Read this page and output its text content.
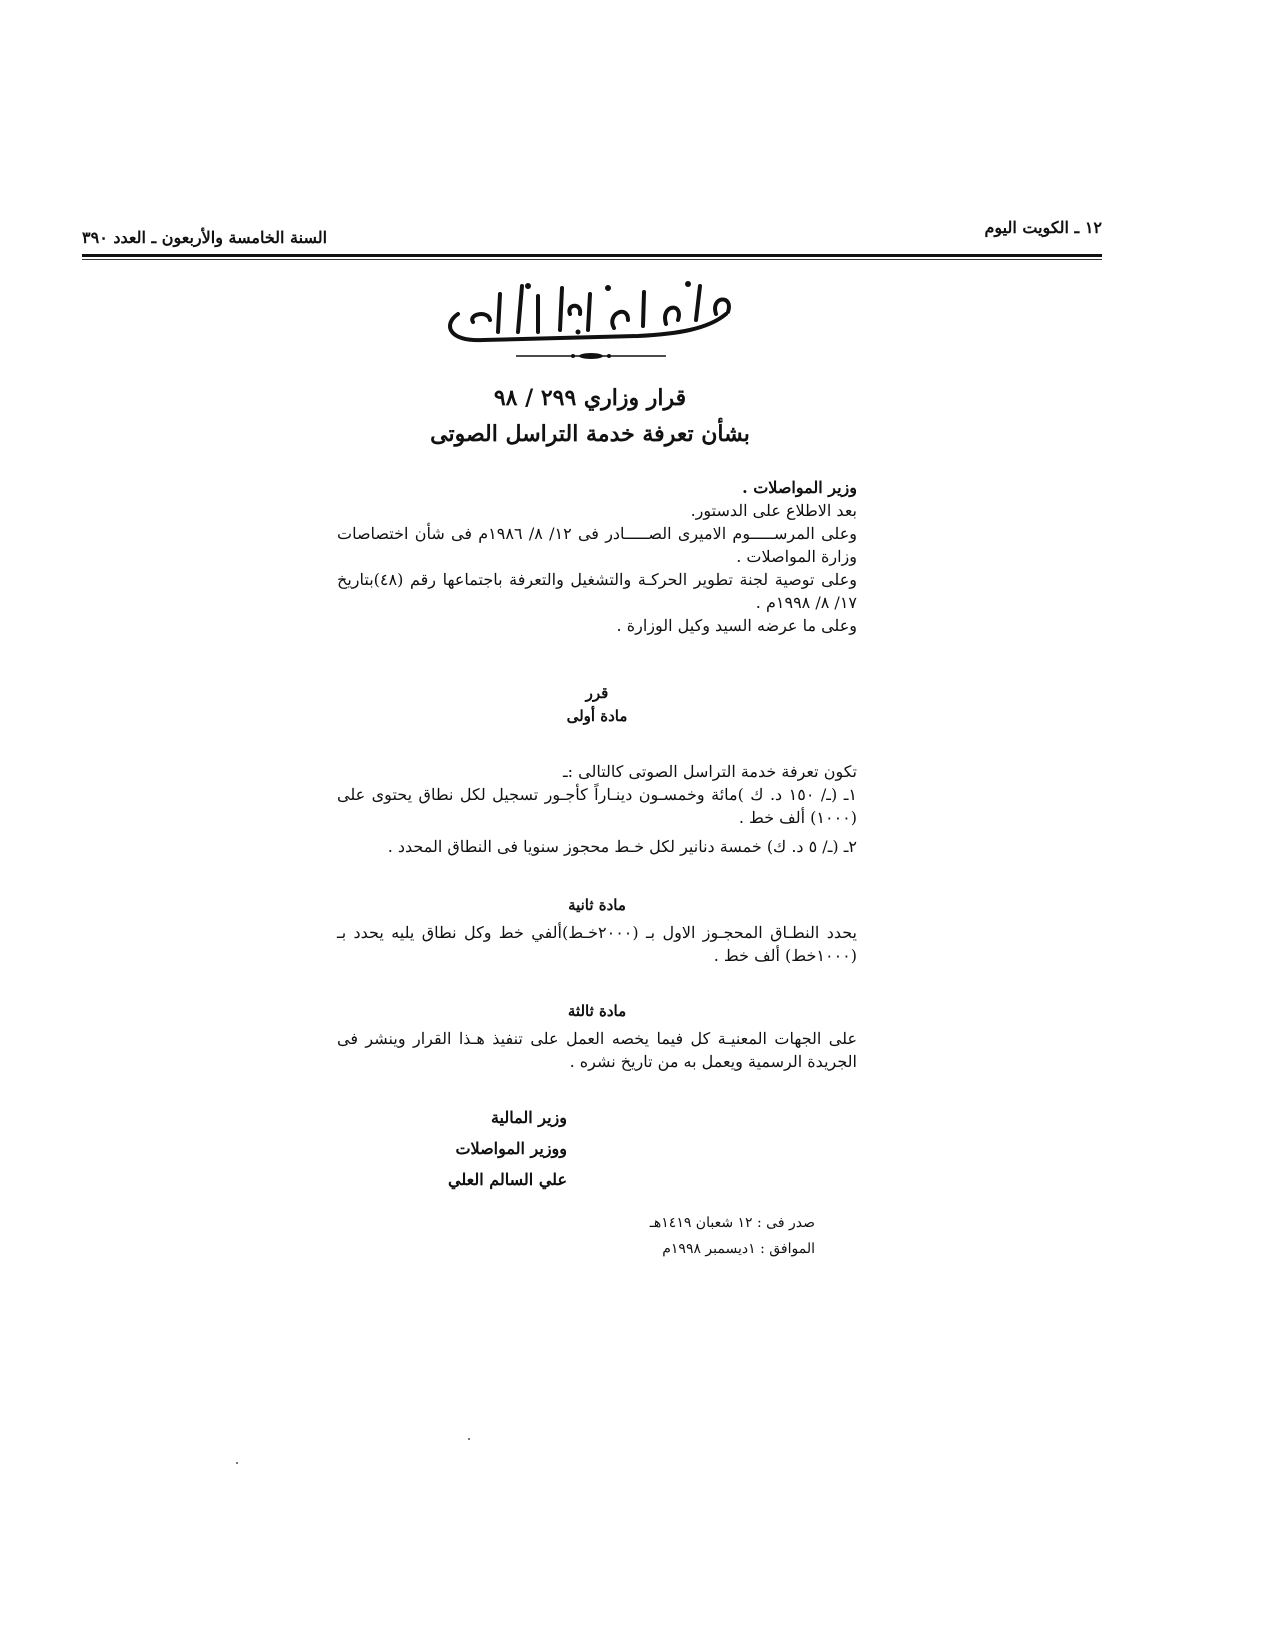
١٢ ـ الكويت اليوم
السنة الخامسة والأربعون ـ العدد ٣٩٠
قرار وزاري ٢٩٩ / ٩٨
بشأن تعرفة خدمة التراسل الصوتى

وزير المواصلات .

بعد الاطلاع على الدستور.

وعلى المرســـــوم الاميرى الصـــــادر فى ١٢/ ٨/ ١٩٨٦م فى شأن اختصاصات وزارة المواصلات .

وعلى توصية لجنة تطوير الحركـة والتشغيل والتعرفة باجتماعها رقم (٤٨)بتاريخ ١٧/ ٨/ ١٩٩٨م .

وعلى ما عرضه السيد وكيل الوزارة .

قرر

مادة أولى

تكون تعرفة خدمة التراسل الصوتى كالتالى :ـ

١ـ (ـ/ ١٥٠ د. ك )مائة وخمسـون دينـاراً كأجـور تسجيل لكل نطاق يحتوى على (١٠٠٠) ألف خط .

٢ـ (ـ/ ٥ د. ك) خمسة دنانير لكل خـط محجوز سنويا فى النطاق المحدد .

مادة ثانية

يحدد النطـاق المحجـوز الاول بـ (٢٠٠٠خـط)ألفي خط وكل نطاق يليه يحدد بـ (١٠٠٠خط) ألف خط .

مادة ثالثة

على الجهات المعنيـة كل فيما يخصه العمل على تنفيذ هـذا القرار وينشر فى الجريدة الرسمية ويعمل به من تاريخ نشره .

وزير المالية
ووزير المواصلات
علي السالم العلي
صدر فى : ١٢ شعبان ١٤١٩هـ
الموافق : ١ديسمبر ١٩٩٨م
